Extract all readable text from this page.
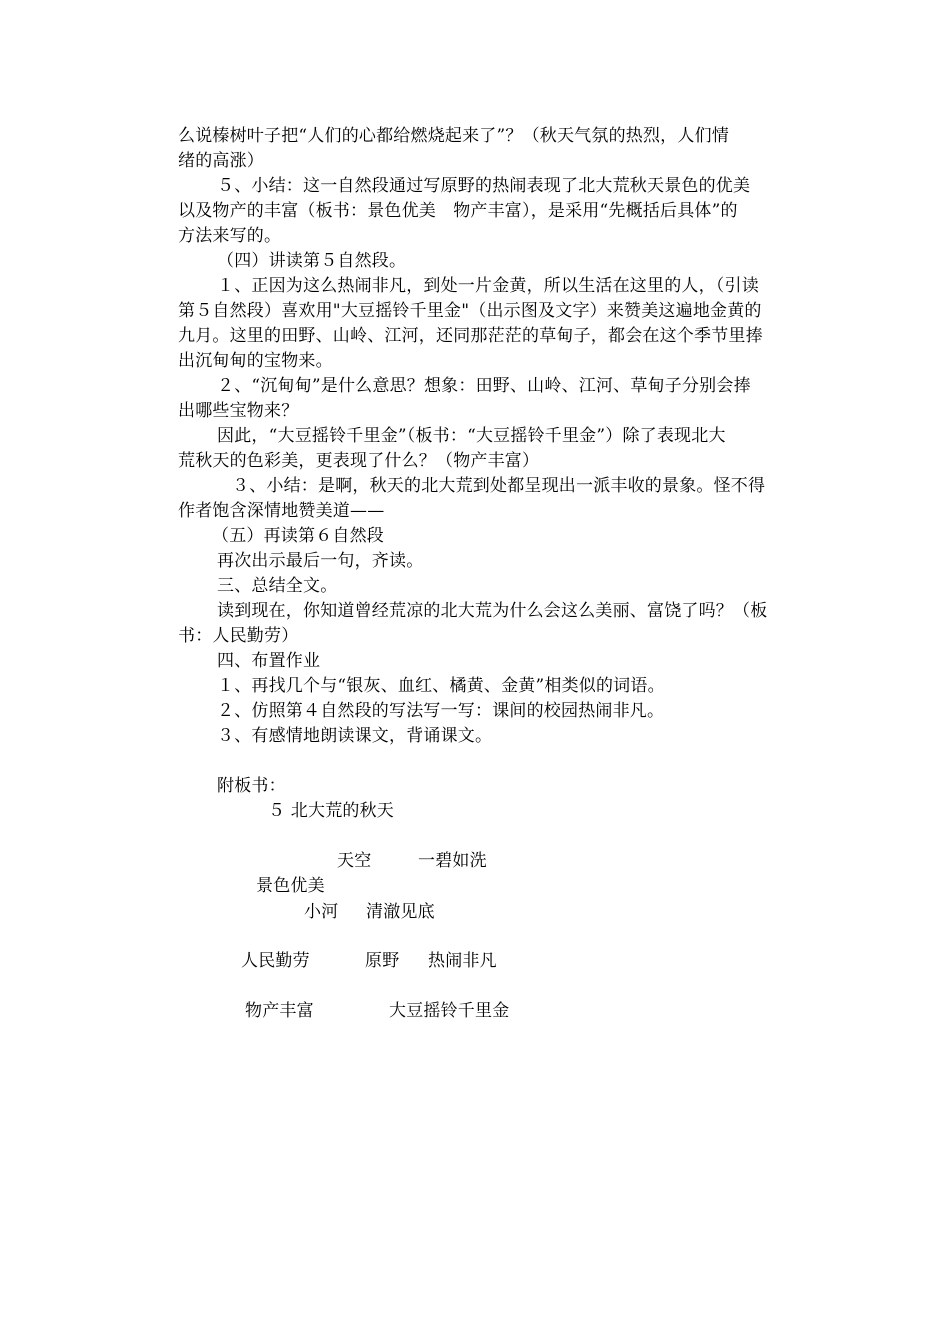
么说榛树叶子把“人们的心都给燃烧起来了”？（秋天气氛的热烈，人们情
绪的高涨）
５、小结：这一自然段通过写原野的热闹表现了北大荒秋天景色的优美
以及物产的丰富（板书：景色优美　物产丰富），是采用“先概括后具体”的
方法来写的。
（四）讲读第５自然段。
１、正因为这么热闹非凡，到处一片金黄，所以生活在这里的人，（引读
第５自然段）喜欢用"大豆摇铃千里金"（出示图及文字）来赞美这遍地金黄的
九月。这里的田野、山岭、江河，还同那茫茫的草甸子，都会在这个季节里捧
出沉甸甸的宝物来。
２、“沉甸甸”是什么意思？想象：田野、山岭、江河、草甸子分别会捧
出哪些宝物来？
因此，“大豆摇铃千里金”（板书：“大豆摇铃千里金”）除了表现北大
荒秋天的色彩美，更表现了什么？（物产丰富）
３、小结：是啊，秋天的北大荒到处都呈现出一派丰收的景象。怪不得
作者饱含深情地赞美道——
（五）再读第６自然段
再次出示最后一句，齐读。
三、总结全文。
读到现在，你知道曾经荒凉的北大荒为什么会这么美丽、富饶了吗？（板
书：人民勤劳）
四、布置作业
１、再找几个与“银灰、血红、橘黄、金黄”相类似的词语。
２、仿照第４自然段的写法写一写：课间的校园热闹非凡。
３、有感情地朗读课文，背诵课文。
附板书：
５ 北大荒的秋天
天空	一碧如洗
景色优美
小河 清澈见底
人民勤劳	原野 热闹非凡
物产丰富	大豆摇铃千里金
